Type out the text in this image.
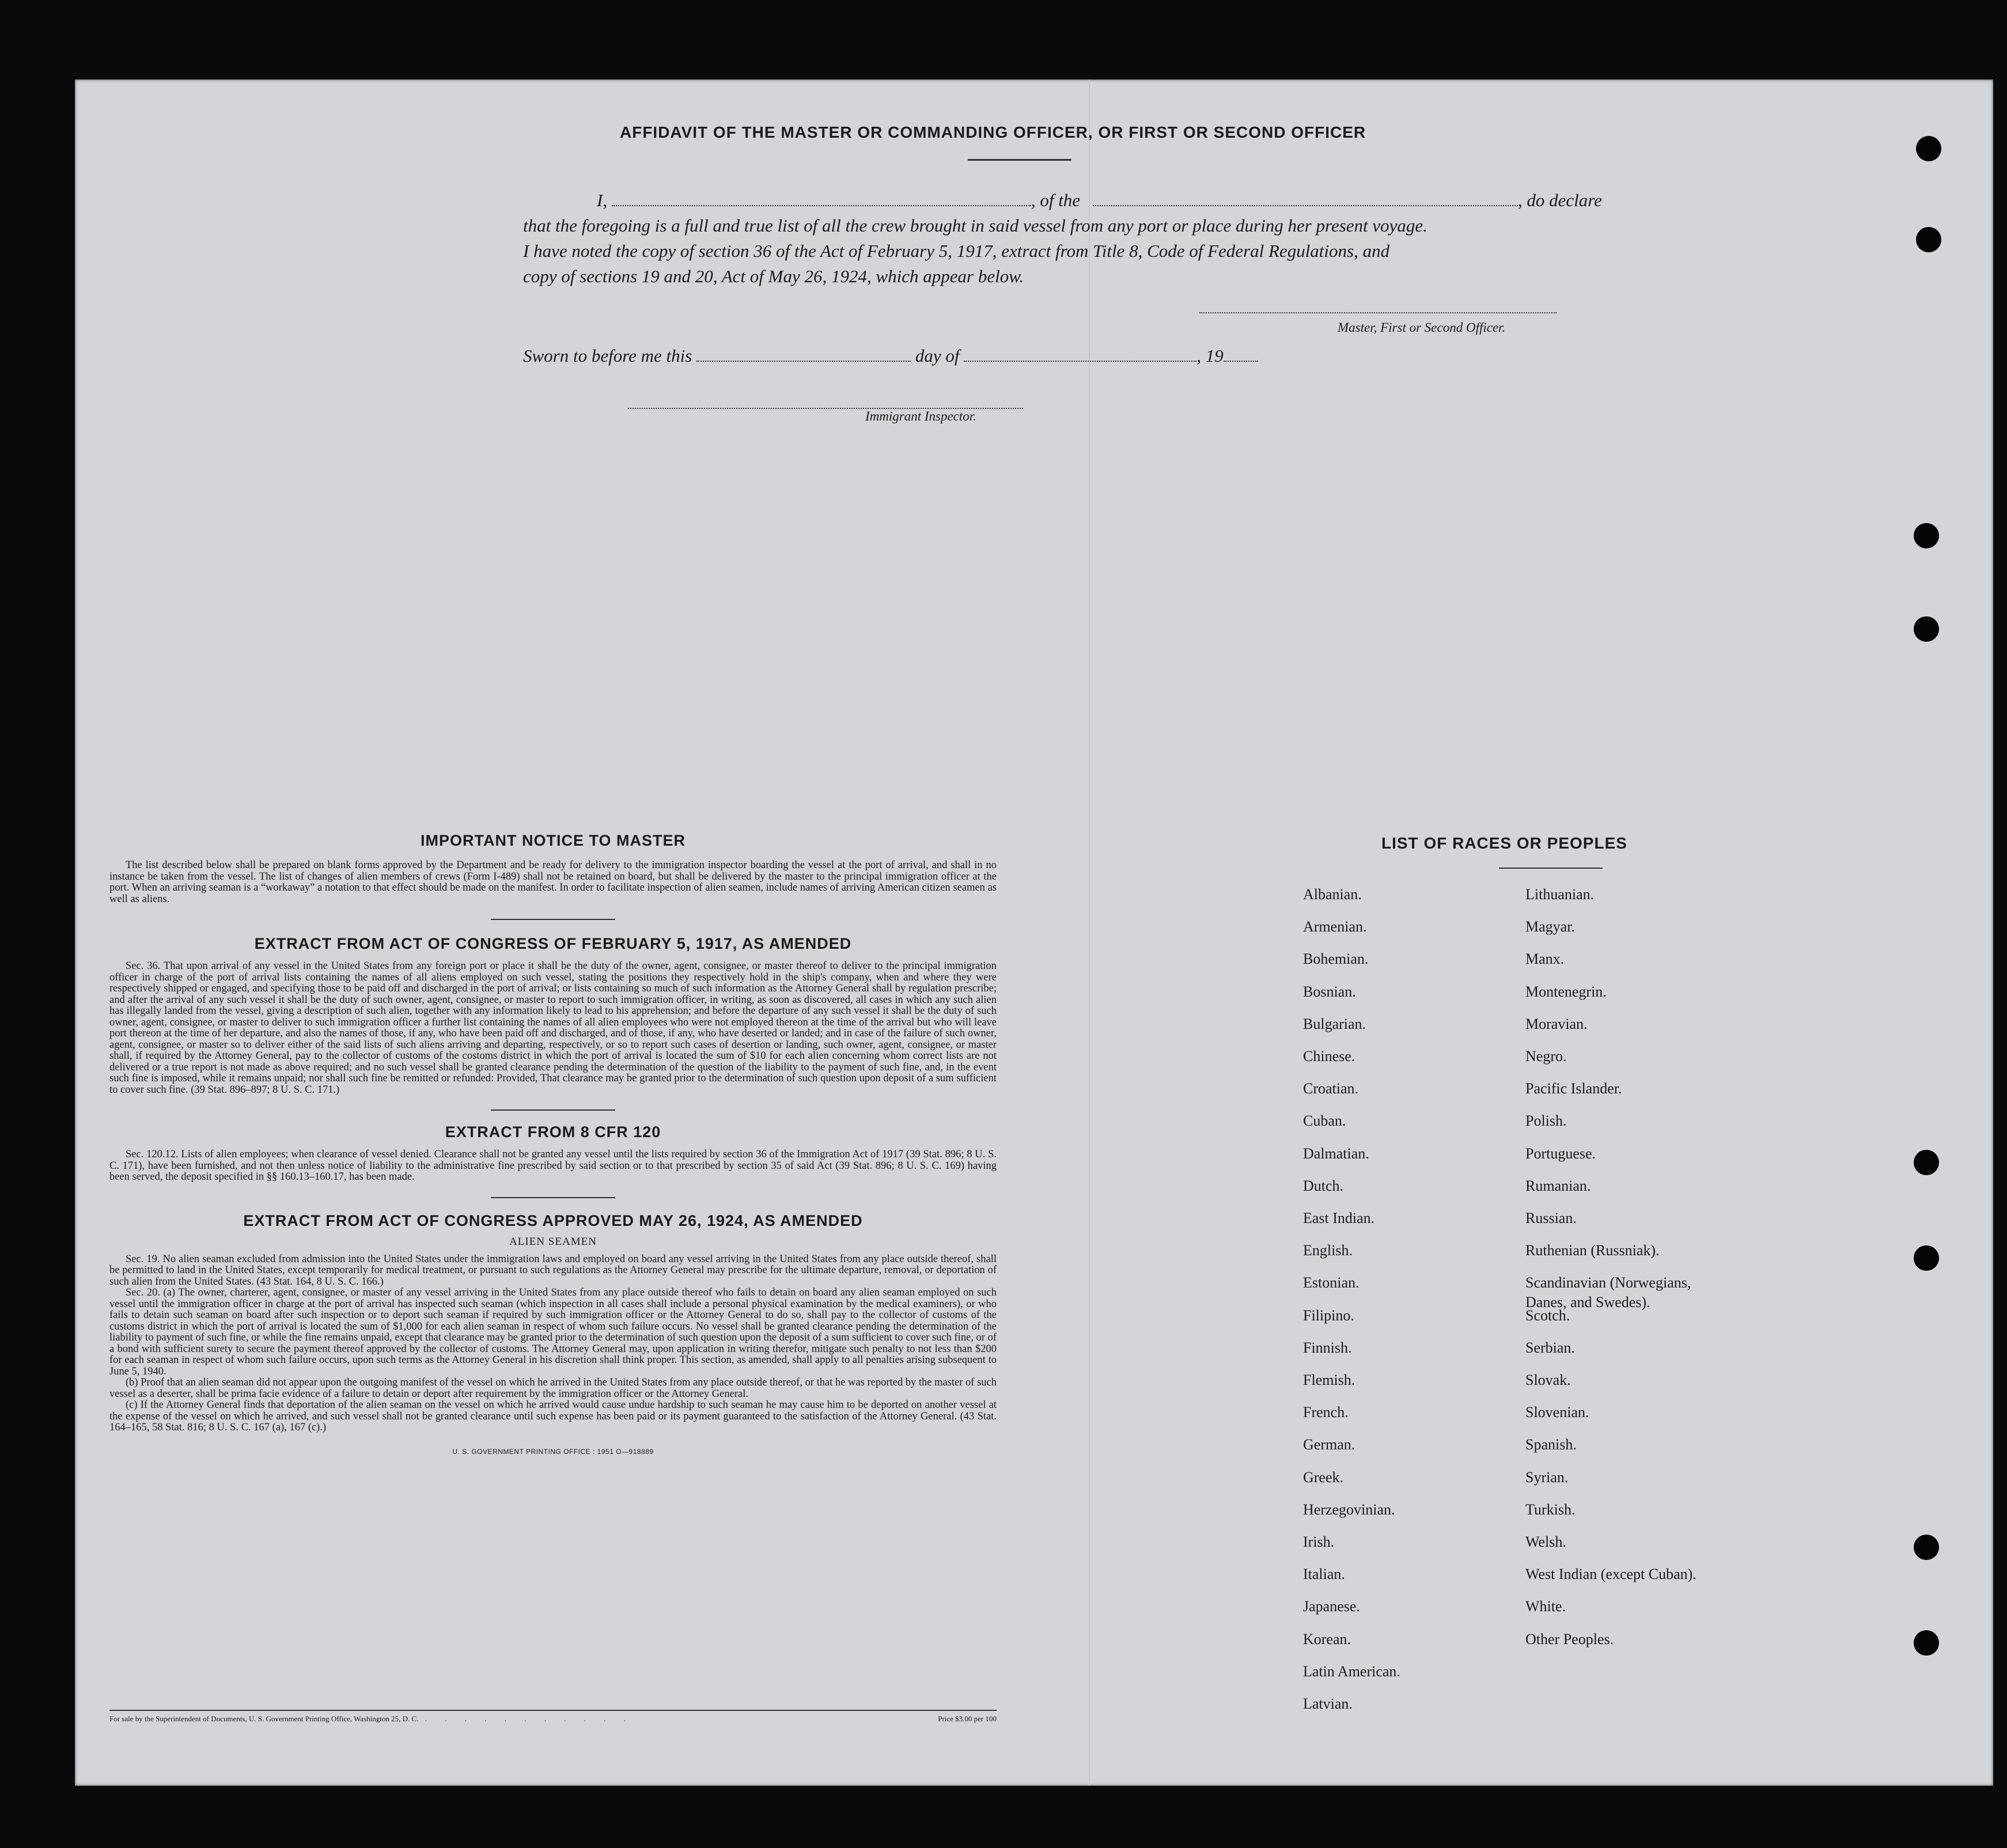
AFFIDAVIT OF THE MASTER OR COMMANDING OFFICER, OR FIRST OR SECOND OFFICER
I,	, of the	, do declare
that the foregoing is a full and true list of all the crew brought in said vessel from any port or place during her present voyage.
I have noted the copy of section 36 of the Act of February 5, 1917, extract from Title 8, Code of Federal Regulations, and
copy of sections 19 and 20, Act of May 26, 1924, which appear below.
Master, First or Second Officer.
Sworn to before me this	day of	, 19
Immigrant Inspector.
IMPORTANT NOTICE TO MASTER

The list described below shall be prepared on blank forms approved by the Department and be ready for delivery to the immigration inspector boarding the vessel at the port of arrival, and shall in no instance be taken from the vessel. The list of changes of alien members of crews (Form I-489) shall not be retained on board, but shall be delivered by the master to the principal immigration officer at the port. When an arriving seaman is a “workaway” a notation to that effect should be made on the manifest. In order to facilitate inspection of alien seamen, include names of arriving American citizen seamen as well as aliens.

EXTRACT FROM ACT OF CONGRESS OF FEBRUARY 5, 1917, AS AMENDED

Sec. 36. That upon arrival of any vessel in the United States from any foreign port or place it shall be the duty of the owner, agent, consignee, or master thereof to deliver to the principal immigration officer in charge of the port of arrival lists containing the names of all aliens employed on such vessel, stating the positions they respectively hold in the ship's company, when and where they were respectively shipped or engaged, and specifying those to be paid off and discharged in the port of arrival; or lists containing so much of such information as the Attorney General shall by regulation prescribe; and after the arrival of any such vessel it shall be the duty of such owner, agent, consignee, or master to report to such immigration officer, in writing, as soon as discovered, all cases in which any such alien has illegally landed from the vessel, giving a description of such alien, together with any information likely to lead to his apprehension; and before the departure of any such vessel it shall be the duty of such owner, agent, consignee, or master to deliver to such immigration officer a further list containing the names of all alien employees who were not employed thereon at the time of the arrival but who will leave port thereon at the time of her departure, and also the names of those, if any, who have been paid off and discharged, and of those, if any, who have deserted or landed; and in case of the failure of such owner, agent, consignee, or master so to deliver either of the said lists of such aliens arriving and departing, respectively, or so to report such cases of desertion or landing, such owner, agent, consignee, or master shall, if required by the Attorney General, pay to the collector of customs of the costoms district in which the port of arrival is located the sum of $10 for each alien concerning whom correct lists are not delivered or a true report is not made as above required; and no such vessel shall be granted clearance pending the determination of the question of the liability to the payment of such fine, and, in the event such fine is imposed, while it remains unpaid; nor shall such fine be remitted or refunded: Provided, That clearance may be granted prior to the determination of such question upon deposit of a sum sufficient to cover such fine. (39 Stat. 896–897; 8 U. S. C. 171.)

EXTRACT FROM 8 CFR 120

Sec. 120.12. Lists of alien employees; when clearance of vessel denied. Clearance shall not be granted any vessel until the lists required by section 36 of the Immigration Act of 1917 (39 Stat. 896; 8 U. S. C. 171), have been furnished, and not then unless notice of liability to the administrative fine prescribed by said section or to that prescribed by section 35 of said Act (39 Stat. 896; 8 U. S. C. 169) having been served, the deposit specified in §§ 160.13–160.17, has been made.

EXTRACT FROM ACT OF CONGRESS APPROVED MAY 26, 1924, AS AMENDED
ALIEN SEAMEN

Sec. 19. No alien seaman excluded from admission into the United States under the immigration laws and employed on board any vessel arriving in the United States from any place outside thereof, shall be permitted to land in the United States, except temporarily for medical treatment, or pursuant to such regulations as the Attorney General may prescribe for the ultimate departure, removal, or deportation of such alien from the United States. (43 Stat. 164, 8 U. S. C. 166.)

Sec. 20. (a) The owner, charterer, agent, consignee, or master of any vessel arriving in the United States from any place outside thereof who fails to detain on board any alien seaman employed on such vessel until the immigration officer in charge at the port of arrival has inspected such seaman (which inspection in all cases shall include a personal physical examination by the medical examiners), or who fails to detain such seaman on board after such inspection or to deport such seaman if required by such immigration officer or the Attorney General to do so, shall pay to the collector of customs of the customs district in which the port of arrival is located the sum of $1,000 for each alien seaman in respect of whom such failure occurs. No vessel shall be granted clearance pending the determination of the liability to payment of such fine, or while the fine remains unpaid, except that clearance may be granted prior to the determination of such question upon the deposit of a sum sufficient to cover such fine, or of a bond with sufficient surety to secure the payment thereof approved by the collector of customs. The Attorney General may, upon application in writing therefor, mitigate such penalty to not less than $200 for each seaman in respect of whom such failure occurs, upon such terms as the Attorney General in his discretion shall think proper. This section, as amended, shall apply to all penalties arising subsequent to June 5, 1940.

(b) Proof that an alien seaman did not appear upon the outgoing manifest of the vessel on which he arrived in the United States from any place outside thereof, or that he was reported by the master of such vessel as a deserter, shall be prima facie evidence of a failure to detain or deport after requirement by the immigration officer or the Attorney General.

(c) If the Attorney General finds that deportation of the alien seaman on the vessel on which he arrived would cause undue hardship to such seaman he may cause him to be deported on another vessel at the expense of the vessel on which he arrived, and such vessel shall not be granted clearance until such expense has been paid or its payment guaranteed to the satisfaction of the Attorney General. (43 Stat. 164–165, 58 Stat. 816; 8 U. S. C. 167 (a), 167 (c).)

U. S. GOVERNMENT PRINTING OFFICE : 1951 O—918889
For sale by the Superintendent of Documents, U. S. Government Printing Office, Washington 25, D. C. . . . . . . . . . . .	Price $3.00 per 100
LIST OF RACES OR PEOPLES
Albanian.
Armenian.
Bohemian.
Bosnian.
Bulgarian.
Chinese.
Croatian.
Cuban.
Dalmatian.
Dutch.
East Indian.
English.
Estonian.
Filipino.
Finnish.
Flemish.
French.
German.
Greek.
Herzegovinian.
Irish.
Italian.
Japanese.
Korean.
Latin American.
Latvian.
Lithuanian.
Magyar.
Manx.
Montenegrin.
Moravian.
Negro.
Pacific Islander.
Polish.
Portuguese.
Rumanian.
Russian.
Ruthenian (Russniak).
Scandinavian (Norwegians,
Danes, and Swedes).
Scotch.
Serbian.
Slovak.
Slovenian.
Spanish.
Syrian.
Turkish.
Welsh.
West Indian (except Cuban).
White.
Other Peoples.
